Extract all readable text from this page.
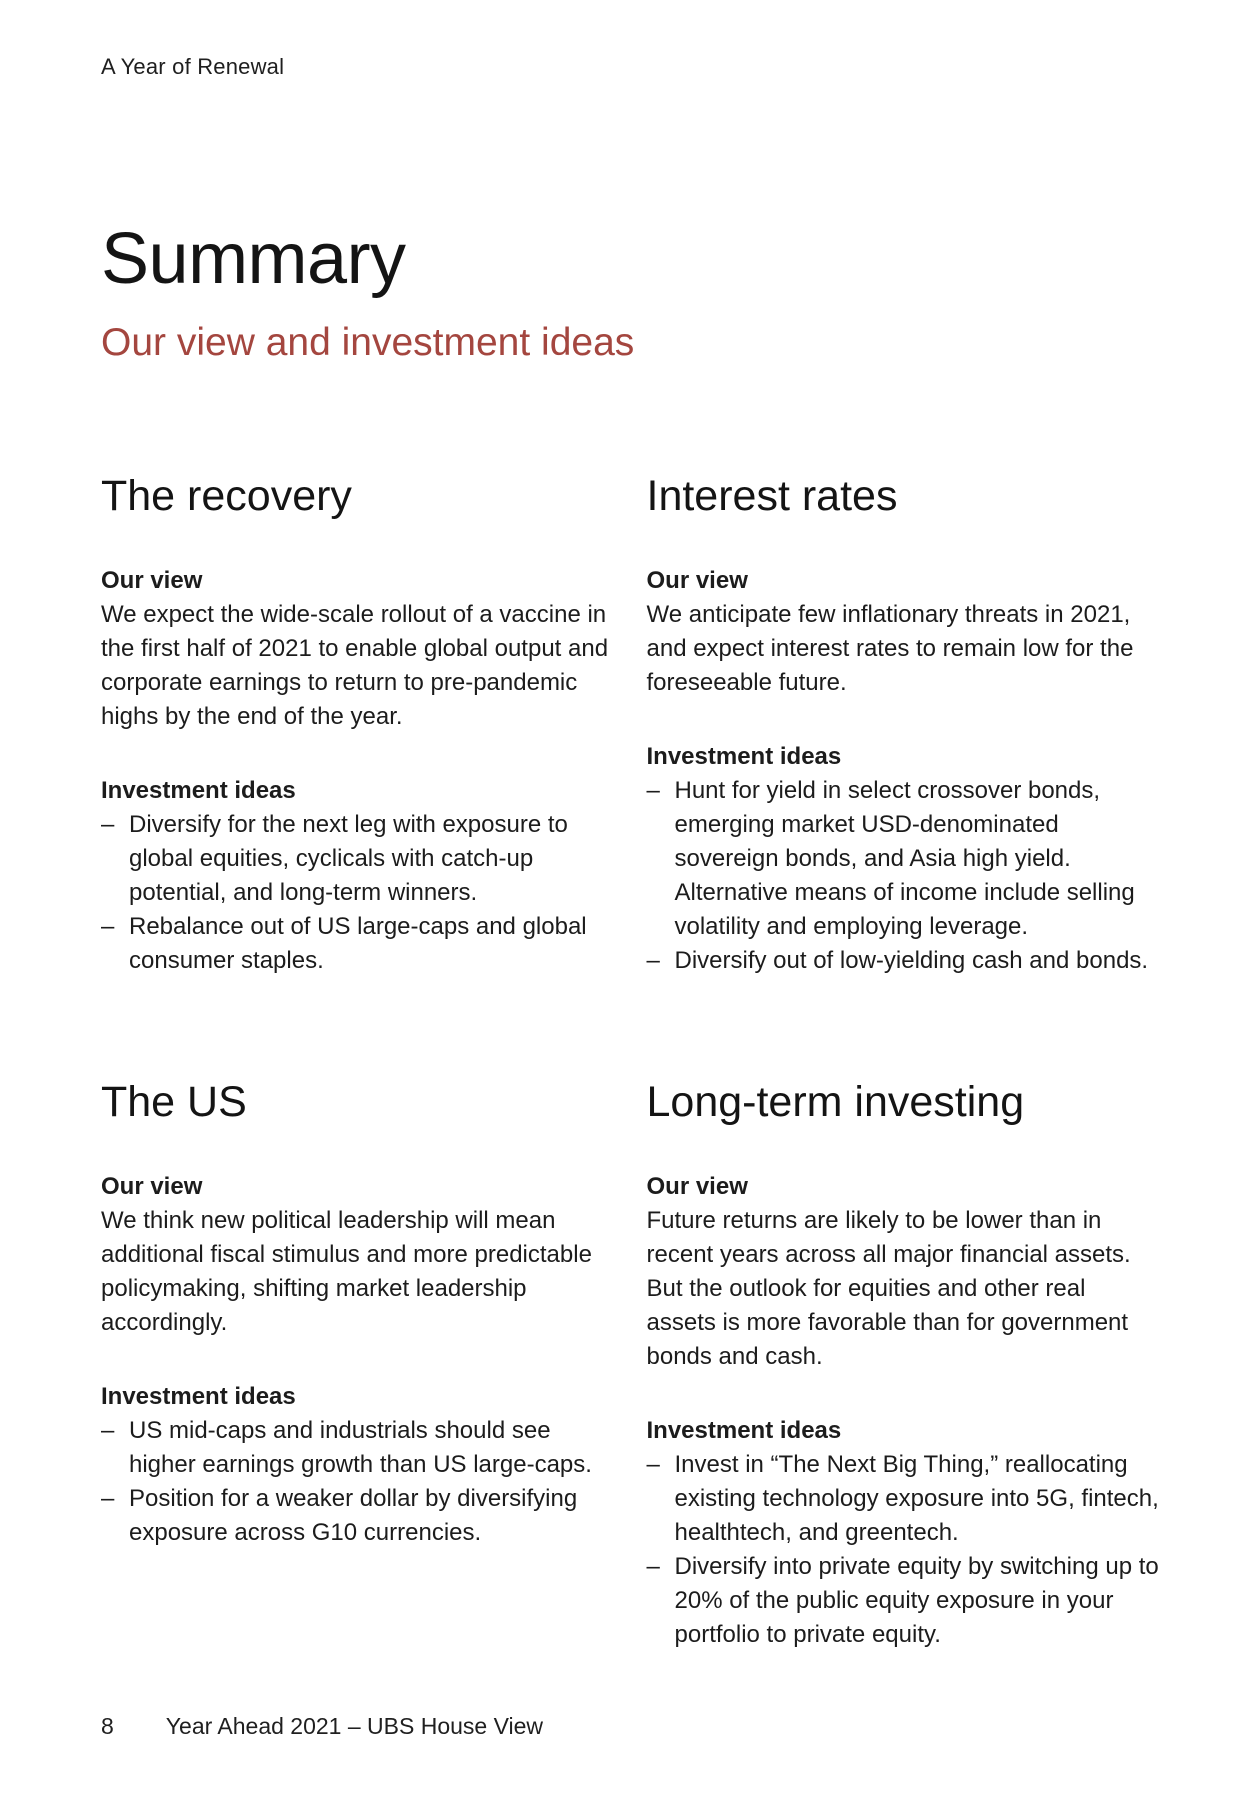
A Year of Renewal
Summary
Our view and investment ideas
The recovery
Our view

We expect the wide-scale rollout of a vaccine in the first half of 2021 to enable global output and corporate earnings to return to pre-pandemic highs by the end of the year.

Investment ideas
– Diversify for the next leg with exposure to global equities, cyclicals with catch-up potential, and long-term winners.
– Rebalance out of US large-caps and global consumer staples.
Interest rates
Our view

We anticipate few inflationary threats in 2021, and expect interest rates to remain low for the foreseeable future.

Investment ideas
– Hunt for yield in select crossover bonds, emerging market USD-denominated sovereign bonds, and Asia high yield. Alternative means of income include selling volatility and employing leverage.
– Diversify out of low-yielding cash and bonds.
The US
Our view

We think new political leadership will mean additional fiscal stimulus and more predictable policymaking, shifting market leadership accordingly.

Investment ideas
– US mid-caps and industrials should see higher earnings growth than US large-caps.
– Position for a weaker dollar by diversifying exposure across G10 currencies.
Long-term investing
Our view

Future returns are likely to be lower than in recent years across all major financial assets. But the outlook for equities and other real assets is more favorable than for government bonds and cash.

Investment ideas
– Invest in “The Next Big Thing,” reallocating existing technology exposure into 5G, fintech, healthtech, and greentech.
– Diversify into private equity by switching up to 20% of the public equity exposure in your portfolio to private equity.
8 Year Ahead 2021 – UBS House View
